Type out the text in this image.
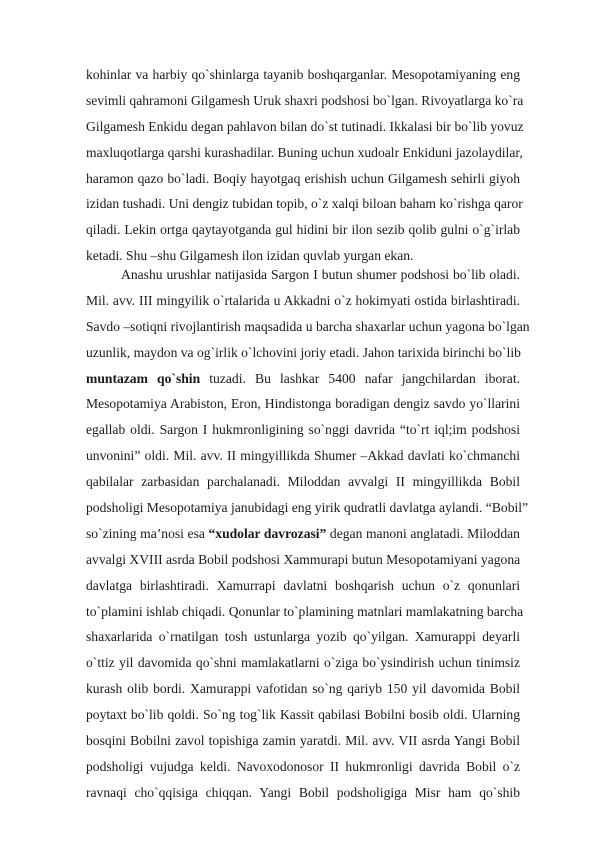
kohinlar va harbiy qo`shinlarga tayanib boshqarganlar. Mesopotamiyaning eng
sevimli qahramoni Gilgamesh Uruk shaxri podshosi bo`lgan. Rivoyatlarga ko`ra
Gilgamesh Enkidu degan pahlavon bilan do`st tutinadi. Ikkalasi bir bo`lib yovuz
maxluqotlarga qarshi kurashadilar. Buning uchun xudoalr Enkiduni jazolaydilar,
haramon qazo bo`ladi. Boqiy hayotgaq erishish uchun Gilgamesh sehirli giyoh
izidan tushadi. Uni dengiz tubidan topib, o`z xalqi biloan baham ko`rishga qaror
qiladi. Lekin ortga qaytayotganda gul hidini bir ilon sezib qolib gulni o`g`irlab
ketadi. Shu –shu Gilgamesh ilon izidan quvlab yurgan ekan.
Anashu urushlar natijasida Sargon I butun shumer podshosi bo`lib oladi.
Mil. avv. III mingyilik o`rtalarida u Akkadni o`z hokimyati ostida birlashtiradi.
Savdo –sotiqni rivojlantirish maqsadida u barcha shaxarlar uchun yagona bo`lgan
uzunlik, maydon va og`irlik o`lchovini joriy etadi. Jahon tarixida birinchi bo`lib
muntazam qo`shin tuzadi. Bu lashkar 5400 nafar jangchilardan iborat.
Mesopotamiya Arabiston, Eron, Hindistonga boradigan dengiz savdo yo`llarini
egallab oldi. Sargon I hukmronligining so`nggi davrida “to`rt iql;im podshosi
unvonini” oldi. Mil. avv. II mingyillikda Shumer –Akkad davlati ko`chmanchi
qabilalar zarbasidan parchalanadi. Miloddan avvalgi II mingyillikda Bobil
podsholigi Mesopotamiya janubidagi eng yirik qudratli davlatga aylandi. “Bobil”
so`zining ma’nosi esa “xudolar davrozasi” degan manoni anglatadi. Miloddan
avvalgi XVIII asrda Bobil podshosi Xammurapi butun Mesopotamiyani yagona
davlatga birlashtiradi. Xamurrapi davlatni boshqarish uchun o`z qonunlari
to`plamini ishlab chiqadi. Qonunlar to`plamining matnlari mamlakatning barcha
shaxarlarida o`rnatilgan tosh ustunlarga yozib qo`yilgan. Xamurappi deyarli
o`ttiz yil davomida qo`shni mamlakatlarni o`ziga bo`ysindirish uchun tinimsiz
kurash olib bordi. Xamurappi vafotidan so`ng qariyb 150 yil davomida Bobil
poytaxt bo`lib qoldi. So`ng tog`lik Kassit qabilasi Bobilni bosib oldi. Ularning
bosqini Bobilni zavol topishiga zamin yaratdi. Mil. avv. VII asrda Yangi Bobil
podsholigi vujudga keldi. Navoxodonosor II hukmronligi davrida Bobil o`z
ravnaqi cho`qqisiga chiqqan. Yangi Bobil podsholigiga Misr ham qo`shib
